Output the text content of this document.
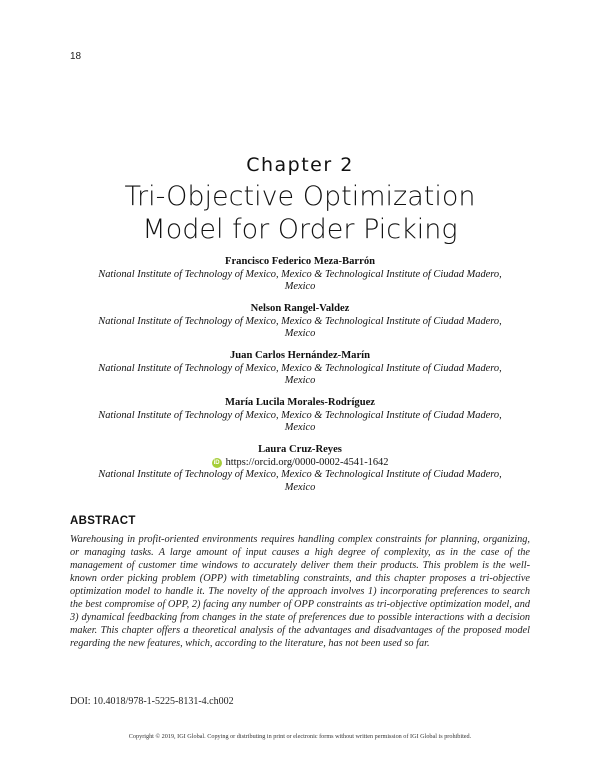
18
Chapter 2
Tri-Objective Optimization
Model for Order Picking
Francisco Federico Meza-Barrón
National Institute of Technology of Mexico, Mexico & Technological Institute of Ciudad Madero,
Mexico
Nelson Rangel-Valdez
National Institute of Technology of Mexico, Mexico & Technological Institute of Ciudad Madero,
Mexico
Juan Carlos Hernández-Marín
National Institute of Technology of Mexico, Mexico & Technological Institute of Ciudad Madero,
Mexico
María Lucila Morales-Rodríguez
National Institute of Technology of Mexico, Mexico & Technological Institute of Ciudad Madero,
Mexico
Laura Cruz-Reyes
iD https://orcid.org/0000-0002-4541-1642
National Institute of Technology of Mexico, Mexico & Technological Institute of Ciudad Madero,
Mexico
ABSTRACT
Warehousing in profit-oriented environments requires handling complex constraints for planning, organizing, or managing tasks. A large amount of input causes a high degree of complexity, as in the case of the management of customer time windows to accurately deliver them their products. This problem is the well-known order picking problem (OPP) with timetabling constraints, and this chapter proposes a tri-objective optimization model to handle it. The novelty of the approach involves 1) incorporating preferences to search the best compromise of OPP, 2) facing any number of OPP constraints as tri-objective optimization model, and 3) dynamical feedbacking from changes in the state of preferences due to possible interactions with a decision maker. This chapter offers a theoretical analysis of the advantages and disadvantages of the proposed model regarding the new features, which, according to the literature, has not been used so far.
DOI: 10.4018/978-1-5225-8131-4.ch002
Copyright © 2019, IGI Global. Copying or distributing in print or electronic forms without written permission of IGI Global is prohibited.
